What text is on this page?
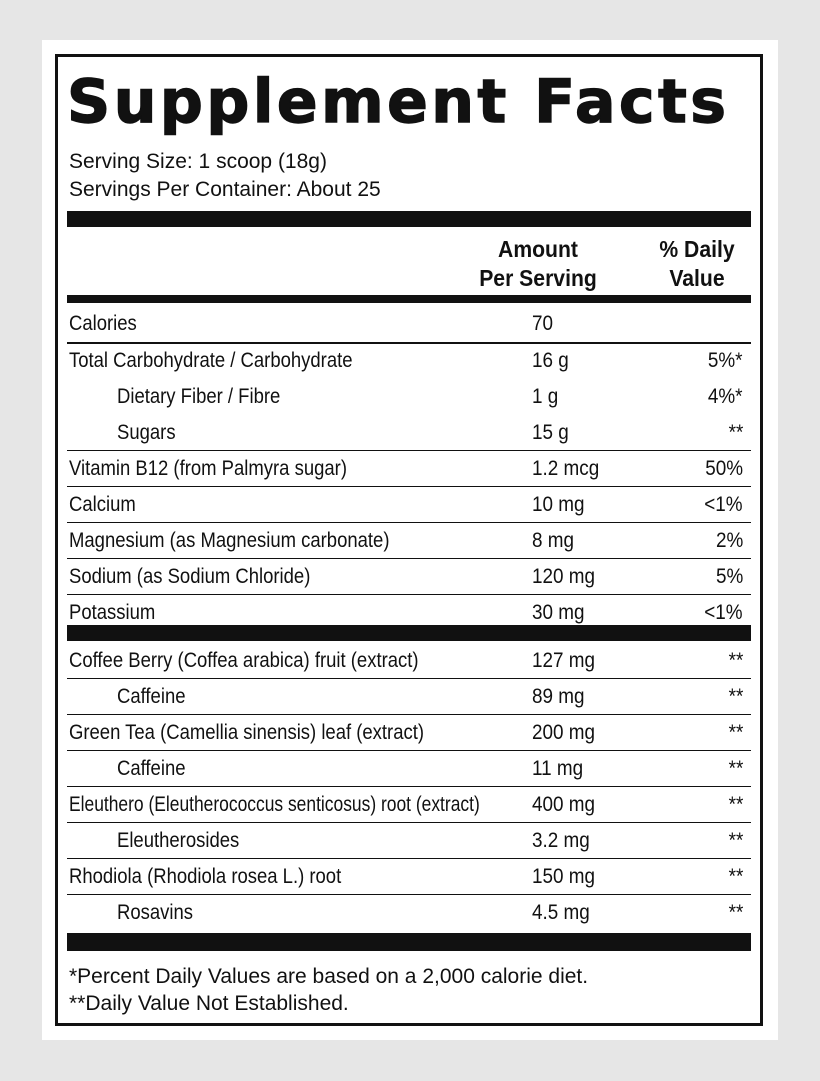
Supplement Facts
Serving Size: 1 scoop (18g)
Servings Per Container: About 25
Amount
Per Serving
% Daily
Value
Calories	70
Total Carbohydrate / Carbohydrate	16 g	5%*
Dietary Fiber / Fibre	1 g	4%*
Sugars	15 g	**
Vitamin B12 (from Palmyra sugar)	1.2 mcg	50%
Calcium	10 mg	<1%
Magnesium (as Magnesium carbonate)	8 mg	2%
Sodium (as Sodium Chloride)	120 mg	5%
Potassium	30 mg	<1%
Coffee Berry (Coffea arabica) fruit (extract)	127 mg	**
Caffeine	89 mg	**
Green Tea (Camellia sinensis) leaf (extract)	200 mg	**
Caffeine	11 mg	**
Eleuthero (Eleutherococcus senticosus) root (extract) 400 mg	**
Eleutherosides	3.2 mg	**
Rhodiola (Rhodiola rosea L.) root	150 mg	**
Rosavins	4.5 mg	**
*Percent Daily Values are based on a 2,000 calorie diet.
**Daily Value Not Established.
